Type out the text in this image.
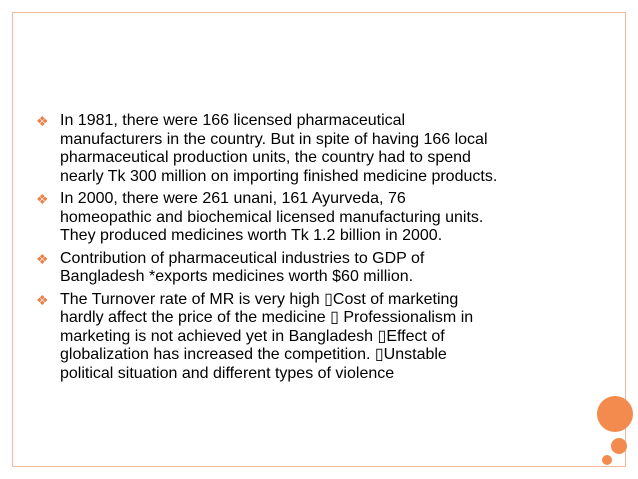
❖ In 1981, there were 166 licensed pharmaceutical
manufacturers in the country. But in spite of having 166 local
pharmaceutical production units, the country had to spend
nearly Tk 300 million on importing finished medicine products.
❖ In 2000, there were 261 unani, 161 Ayurveda, 76
homeopathic and biochemical licensed manufacturing units.
They produced medicines worth Tk 1.2 billion in 2000.
❖ Contribution of pharmaceutical industries to GDP of
Bangladesh *exports medicines worth $60 million.
❖ The Turnover rate of MR is very high ▯Cost of marketing
hardly affect the price of the medicine ▯ Professionalism in
marketing is not achieved yet in Bangladesh ▯Effect of
globalization has increased the competition. ▯Unstable
political situation and different types of violence
